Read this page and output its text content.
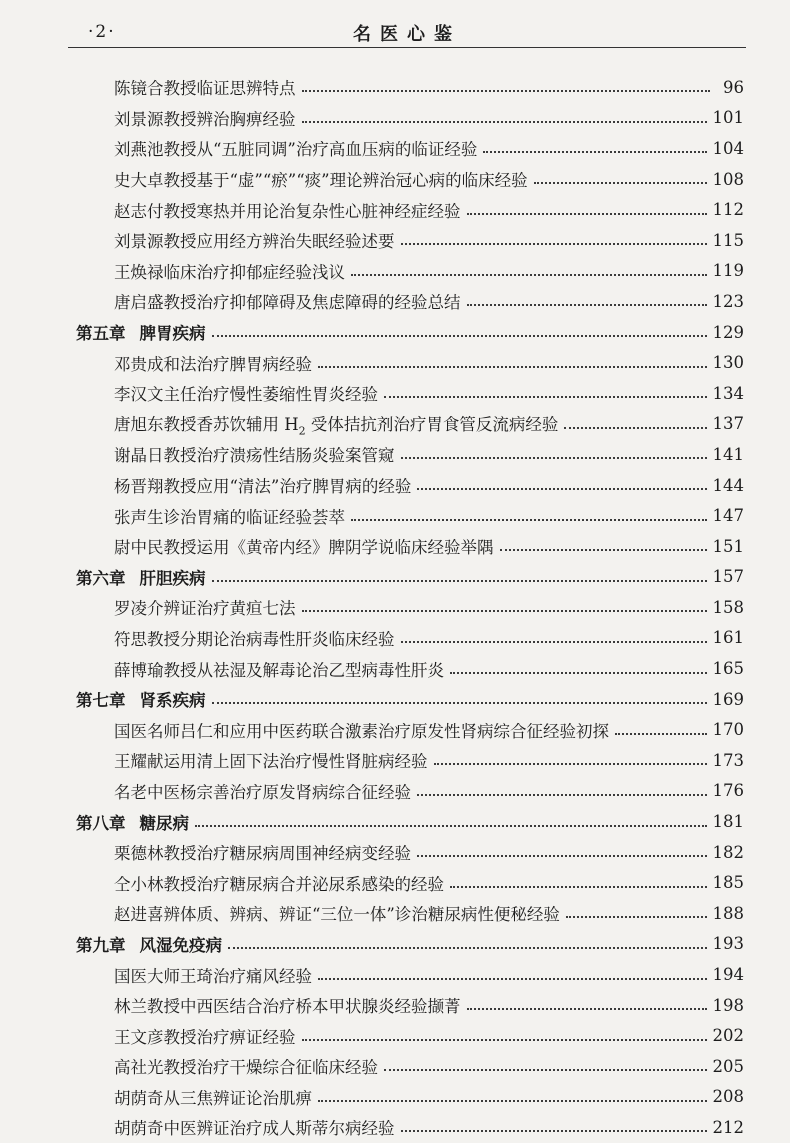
·2·	名医心鉴
陈镜合教授临证思辨特点	96
刘景源教授辨治胸痹经验	101
刘燕池教授从“五脏同调”治疗高血压病的临证经验	104
史大卓教授基于“虚”“瘀”“痰”理论辨治冠心病的临床经验	108
赵志付教授寒热并用论治复杂性心脏神经症经验	112
刘景源教授应用经方辨治失眠经验述要	115
王焕禄临床治疗抑郁症经验浅议	119
唐启盛教授治疗抑郁障碍及焦虑障碍的经验总结	123
第五章 脾胃疾病	129
邓贵成和法治疗脾胃病经验	130
李汉文主任治疗慢性萎缩性胃炎经验	134
唐旭东教授香苏饮辅用 $H_2$ 受体拮抗剂治疗胃食管反流病经验	137
谢晶日教授治疗溃疡性结肠炎验案管窥	141
杨晋翔教授应用“清法”治疗脾胃病的经验	144
张声生诊治胃痛的临证经验荟萃	147
尉中民教授运用《黄帝内经》脾阴学说临床经验举隅	151
第六章 肝胆疾病	157
罗凌介辨证治疗黄疸七法	158
符思教授分期论治病毒性肝炎临床经验	161
薛博瑜教授从祛湿及解毒论治乙型病毒性肝炎	165
第七章 肾系疾病	169
国医名师吕仁和应用中医药联合激素治疗原发性肾病综合征经验初探	170
王耀献运用清上固下法治疗慢性肾脏病经验	173
名老中医杨宗善治疗原发肾病综合征经验	176
第八章 糖尿病	181
栗德林教授治疗糖尿病周围神经病变经验	182
仝小林教授治疗糖尿病合并泌尿系感染的经验	185
赵进喜辨体质、辨病、辨证“三位一体”诊治糖尿病性便秘经验	188
第九章 风湿免疫病	193
国医大师王琦治疗痛风经验	194
林兰教授中西医结合治疗桥本甲状腺炎经验撷菁	198
王文彦教授治疗痹证经验	202
高社光教授治疗干燥综合征临床经验	205
胡荫奇从三焦辨证论治肌痹	208
胡荫奇中医辨证治疗成人斯蒂尔病经验	212
